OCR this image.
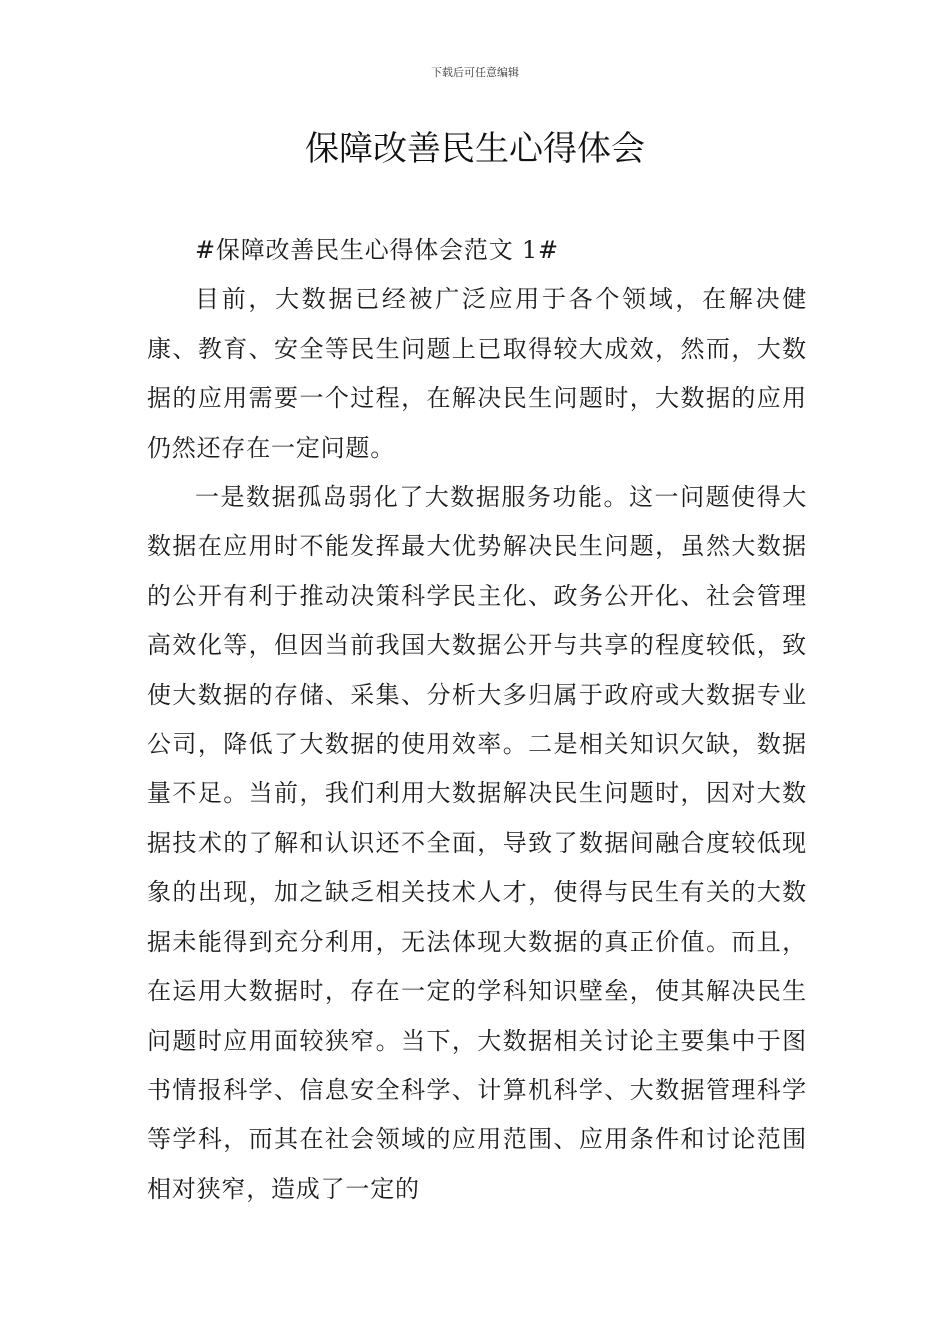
下载后可任意编辑
保障改善民生心得体会

#保障改善民生心得体会范文 1#

目前，大数据已经被广泛应用于各个领域，在解决健康、教育、安全等民生问题上已取得较大成效，然而，大数据的应用需要一个过程，在解决民生问题时，大数据的应用仍然还存在一定问题。

一是数据孤岛弱化了大数据服务功能。这一问题使得大数据在应用时不能发挥最大优势解决民生问题，虽然大数据的公开有利于推动决策科学民主化、政务公开化、社会管理高效化等，但因当前我国大数据公开与共享的程度较低，致使大数据的存储、采集、分析大多归属于政府或大数据专业公司，降低了大数据的使用效率。二是相关知识欠缺，数据量不足。当前，我们利用大数据解决民生问题时，因对大数据技术的了解和认识还不全面，导致了数据间融合度较低现象的出现，加之缺乏相关技术人才，使得与民生有关的大数据未能得到充分利用，无法体现大数据的真正价值。而且，在运用大数据时，存在一定的学科知识壁垒，使其解决民生问题时应用面较狭窄。当下，大数据相关讨论主要集中于图书情报科学、信息安全科学、计算机科学、大数据管理科学等学科，而其在社会领域的应用范围、应用条件和讨论范围相对狭窄，造成了一定的
